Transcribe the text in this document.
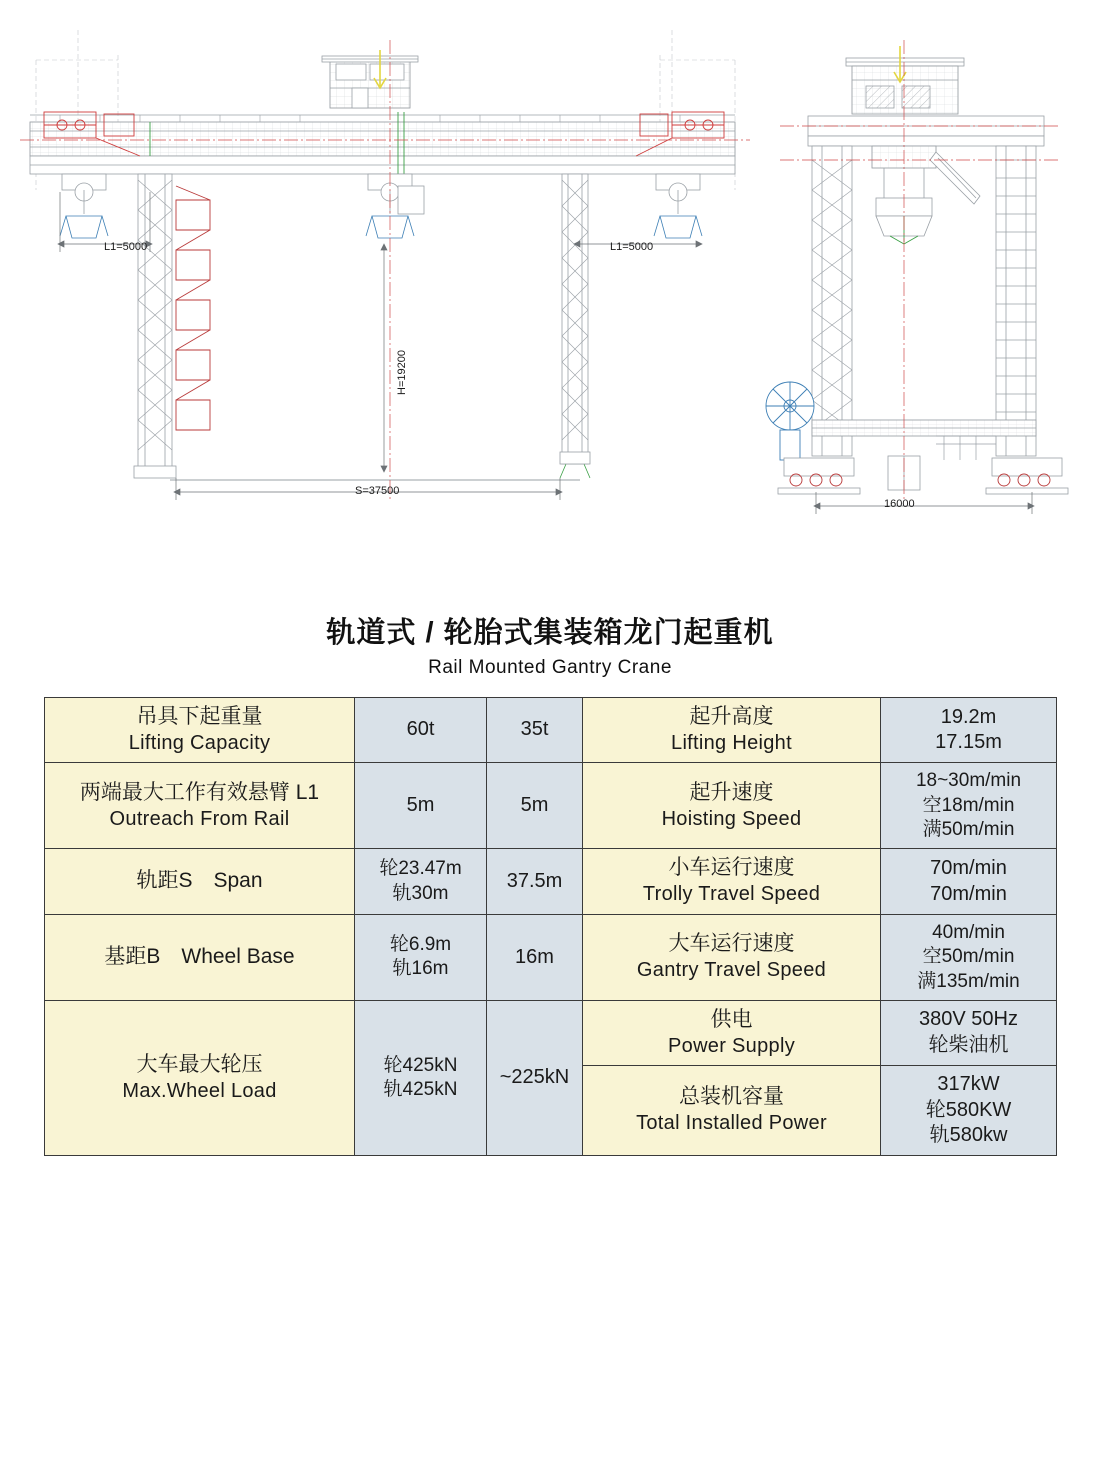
L1=5000	L1=5000
H=19200
S=37500
16000
轨道式 / 轮胎式集装箱龙门起重机
Rail Mounted Gantry Crane
吊具下起重量
Lifting Capacity	60t	35t	起升高度
Lifting Height	19.2m
17.15m

两端最大工作有效悬臂 L1
Outreach From Rail	5m	5m	起升速度
Hoisting Speed	18~30m/min
空18m/min
满50m/min

轨距S　Span	轮23.47m
轨30m	37.5m	小车运行速度
Trolly Travel Speed	70m/min
70m/min

基距B　Wheel Base	轮6.9m
轨16m	16m	大车运行速度
Gantry Travel Speed	40m/min
空50m/min
满135m/min

大车最大轮压
Max.Wheel Load	轮425kN
轨425kN	~225kN	供电
Power Supply	380V 50Hz
轮柴油机

			总装机容量
Total Installed Power	317kW
轮580KW
轨580kw
